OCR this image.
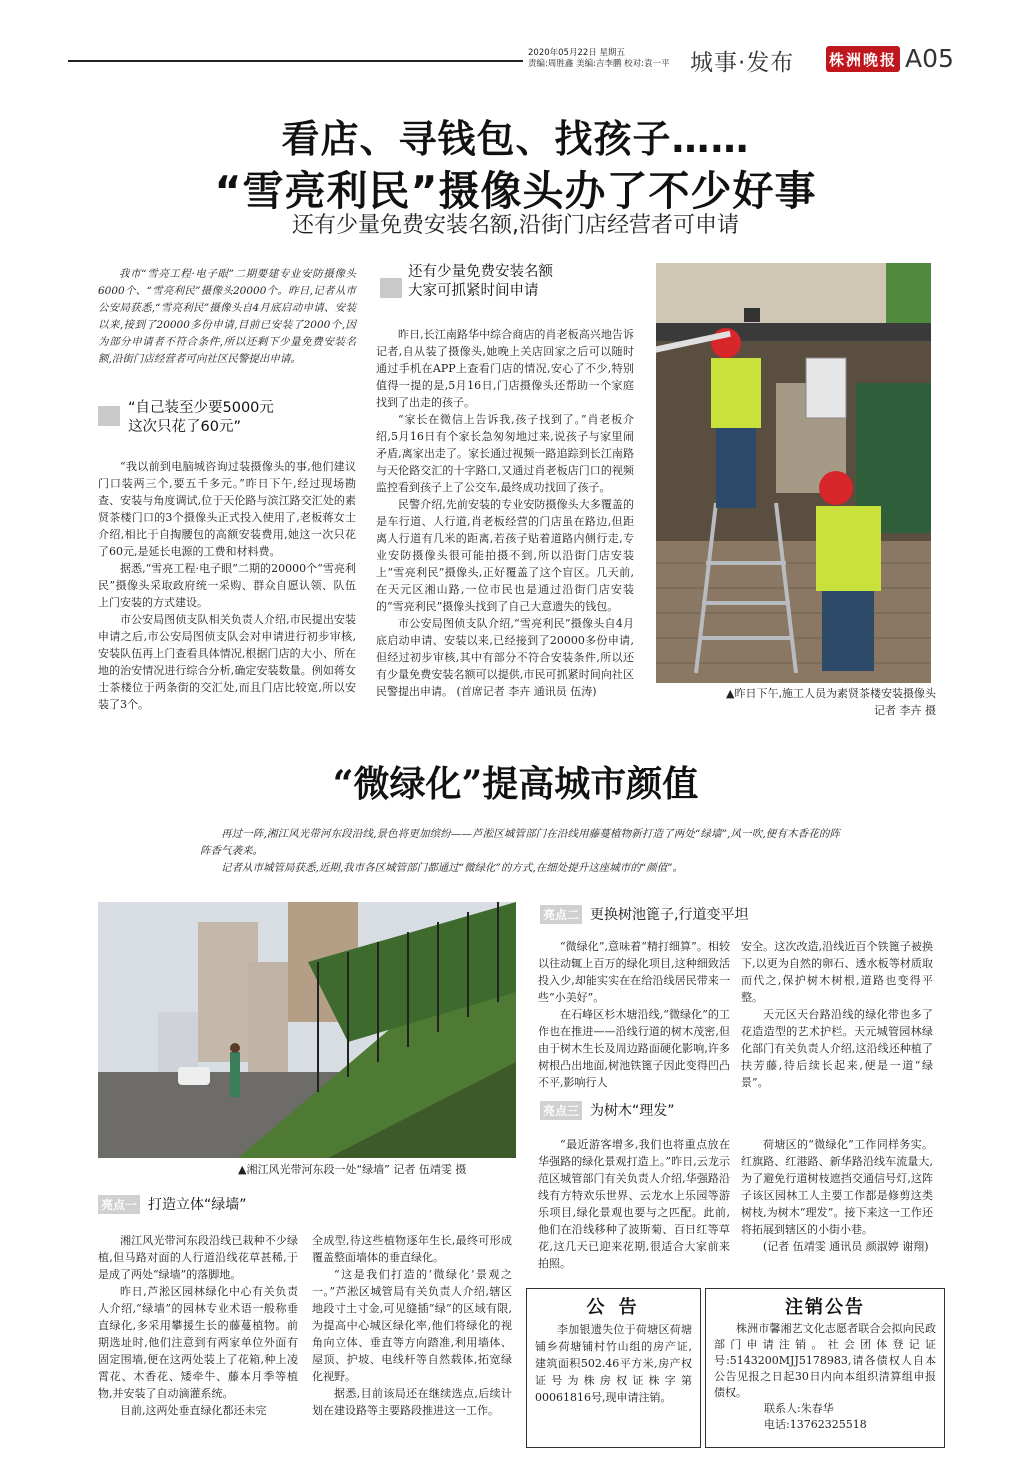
2020年05月22日 星期五
责编:周胜鑫 美编:吉李鹏 校对:袁一平 城事·发布 株洲晚报 A05
看店、寻钱包、找孩子……
“雪亮利民”摄像头办了不少好事
还有少量免费安装名额,沿街门店经营者可申请

我市“雪亮工程·电子眼”二期要建专业安防摄像头6000个、“雪亮利民”摄像头20000个。昨日,记者从市公安局获悉,“雪亮利民”摄像头自4月底启动申请、安装以来,接到了20000多份申请,目前已安装了2000个,因为部分申请者不符合条件,所以还剩下少量免费安装名额,沿街门店经营者可向社区民警提出申请。

“自己装至少要5000元
这次只花了60元”

“我以前到电脑城咨询过装摄像头的事,他们建议门口装两三个,要五千多元。”昨日下午,经过现场勘查、安装与角度调试,位于天伦路与滨江路交汇处的素贤茶楼门口的3个摄像头正式投入使用了,老板蒋女士介绍,相比于自掏腰包的高额安装费用,她这一次只花了60元,是延长电源的工费和材料费。

据悉,“雪亮工程·电子眼”二期的20000个“雪亮利民”摄像头采取政府统一采购、群众自愿认领、队伍上门安装的方式建设。

市公安局图侦支队相关负责人介绍,市民提出安装申请之后,市公安局图侦支队会对申请进行初步审核,安装队伍再上门查看具体情况,根据门店的大小、所在地的治安情况进行综合分析,确定安装数量。例如蒋女士茶楼位于两条街的交汇处,而且门店比较宽,所以安装了3个。

还有少量免费安装名额
大家可抓紧时间申请

昨日,长江南路华中综合商店的肖老板高兴地告诉记者,自从装了摄像头,她晚上关店回家之后可以随时通过手机在APP上查看门店的情况,安心了不少,特别值得一提的是,5月16日,门店摄像头还帮助一个家庭找到了出走的孩子。

“家长在微信上告诉我,孩子找到了。”肖老板介绍,5月16日有个家长急匆匆地过来,说孩子与家里闹矛盾,离家出走了。家长通过视频一路追踪到长江南路与天伦路交汇的十字路口,又通过肖老板店门口的视频监控看到孩子上了公交车,最终成功找回了孩子。

民警介绍,先前安装的专业安防摄像头大多覆盖的是车行道、人行道,肖老板经营的门店虽在路边,但距离人行道有几米的距离,若孩子贴着道路内侧行走,专业安防摄像头很可能拍摄不到,所以沿街门店安装上“雪亮利民”摄像头,正好覆盖了这个盲区。几天前,在天元区湘山路,一位市民也是通过沿街门店安装的“雪亮利民”摄像头找到了自己大意遗失的钱包。

市公安局图侦支队介绍,“雪亮利民”摄像头自4月底启动申请、安装以来,已经接到了20000多份申请,但经过初步审核,其中有部分不符合安装条件,所以还有少量免费安装名额可以提供,市民可抓紧时间向社区民警提出申请。 (首席记者 李卉 通讯员 伍涛)	▲昨日下午,施工人员为素贤茶楼安装摄像头
记者 李卉 摄
“微绿化”提高城市颜值

再过一阵,湘江风光带河东段沿线,景色将更加缤纷——芦淞区城管部门在沿线用藤蔓植物新打造了两处“绿墙”,风一吹,便有木香花的阵阵香气袭来。

记者从市城管局获悉,近期,我市各区城管部门都通过“微绿化”的方式,在细处提升这座城市的“颜值”。

▲湘江风光带河东段一处“绿墙” 记者 伍靖雯 摄
亮点一 打造立体“绿墙”

湘江风光带河东段沿线已栽种不少绿植,但马路对面的人行道沿线花草甚稀,于是成了两处“绿墙”的落脚地。

昨日,芦淞区园林绿化中心有关负责人介绍,“绿墙”的园林专业术语一般称垂直绿化,多采用攀援生长的藤蔓植物。前期选址时,他们注意到有两家单位外面有固定围墙,便在这两处装上了花箱,种上凌霄花、木香花、矮牵牛、藤本月季等植物,并安装了自动滴灌系统。

目前,这两处垂直绿化都还未完

全成型,待这些植物逐年生长,最终可形成覆盖整面墙体的垂直绿化。

“这是我们打造的‘微绿化’景观之一。”芦淞区城管局有关负责人介绍,辖区地段寸土寸金,可见缝插“绿”的区域有限,为提高中心城区绿化率,他们将绿化的视角向立体、垂直等方向踏准,利用墙体、屋顶、护坡、电线杆等自然载体,拓宽绿化视野。

据悉,目前该局还在继续选点,后续计划在建设路等主要路段推进这一工作。

亮点二 更换树池篦子,行道变平坦

“微绿化”,意味着“精打细算”。相较以往动辄上百万的绿化项目,这种细致活投入少,却能实实在在给沿线居民带来一些“小美好”。

在石峰区杉木塘沿线,“微绿化”的工作也在推进——沿线行道的树木茂密,但由于树木生长及周边路面硬化影响,许多树根凸出地面,树池铁篦子因此变得凹凸不平,影响行人

安全。这次改造,沿线近百个铁篦子被换下,以更为自然的卵石、透水板等材质取而代之,保护树木树根,道路也变得平整。

天元区天台路沿线的绿化带也多了花造造型的艺术护栏。天元城管园林绿化部门有关负责人介绍,这沿线还种植了扶芳藤,待后续长起来,便是一道“绿景”。

亮点三 为树木“理发”

“最近游客增多,我们也将重点放在华强路的绿化景观打造上。”昨日,云龙示范区城管部门有关负责人介绍,华强路沿线有方特欢乐世界、云龙水上乐园等游乐项目,绿化景观也要与之匹配。此前,他们在沿线移种了波斯菊、百日红等草花,这几天已迎来花期,很适合大家前来拍照。

荷塘区的“微绿化”工作同样务实。红旗路、红港路、新华路沿线车流量大,为了避免行道树枝遮挡交通信号灯,这阵子该区园林工人主要工作都是修剪这类树枝,为树木“理发”。接下来这一工作还将拓展到辖区的小街小巷。

(记者 伍靖雯 通讯员 颜淑婷 谢翔)

公 告

李加银遗失位于荷塘区荷塘铺乡荷塘铺村竹山组的房产证,建筑面积502.46平方米,房产权证号为株房权证株字第00061816号,现申请注销。

注销公告

株洲市馨湘艺文化志愿者联合会拟向民政部门申请注销。社会团体登记证号:5143200MJJ5178983,请各债权人自本公告见报之日起30日内向本组织清算组申报债权。

联系人:朱春华
电话:13762325518
